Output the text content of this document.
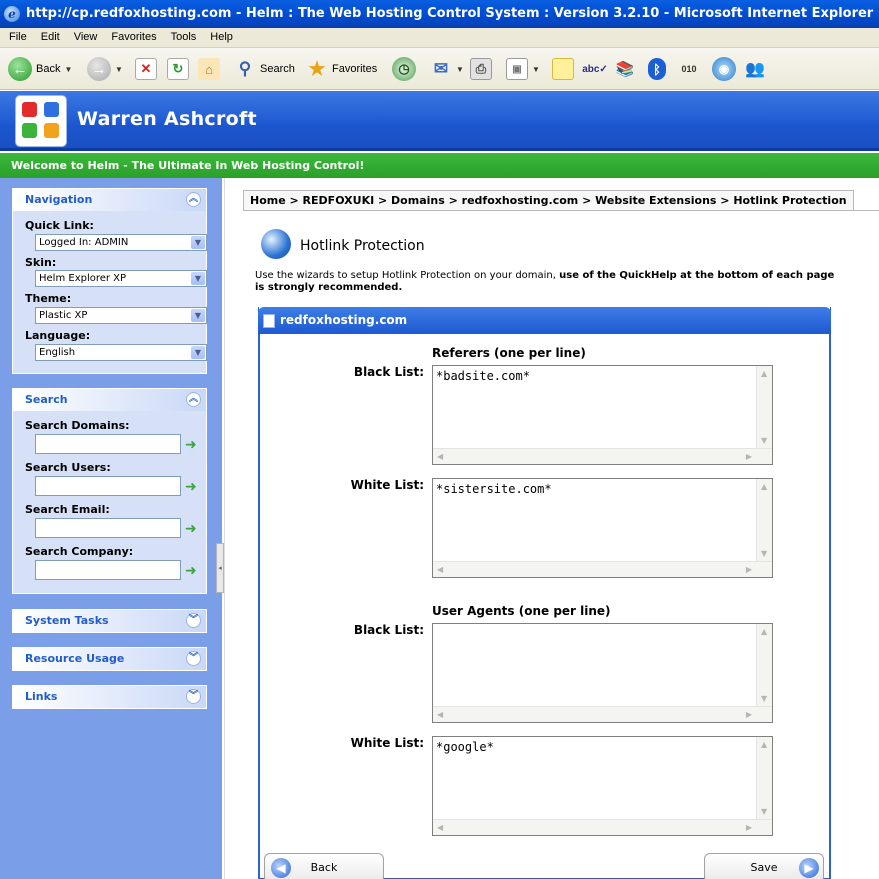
e http://cp.redfoxhosting.com - Helm : The Web Hosting Control System : Version 3.2.10 - Microsoft Internet Explorer
File Edit View Favorites Tools Help
← Back ▼	→	▼	✕	↻	⌂	⚲ Search ★ Favorites	◷	✉ ▼ ⎙	▣	▼	abc✓ 📚	ᛒ	010	◉ 👥
Warren Ashcroft
Welcome to Helm - The Ultimate In Web Hosting Control!
Navigation	︽
Quick Link:
Logged In: ADMIN	▼
Skin:
Helm Explorer XP	▼
Theme:
Plastic XP	▼
Language:
English	▼
Search	︽
Search Domains:
➜
Search Users:
➜
Search Email:
➜
Search Company:
➜
System Tasks	︾
Resource Usage	︾
Links	︾
◂
Home > REDFOXUKI > Domains > redfoxhosting.com > Website Extensions > Hotlink Protection
Hotlink Protection
Use the wizards to setup Hotlink Protection on your domain, use of the QuickHelp at the bottom of each page is strongly recommended.
redfoxhosting.com
Referers (one per line)
Black List: *badsite.com*	▲
▼
◀	▶
White List: *sistersite.com*	▲
▼
◀	▶
User Agents (one per line)
Black List:	▲
▼
◀	▶
White List: *google*	▲
▼
◀	▶
◀	Back	Save	▶
